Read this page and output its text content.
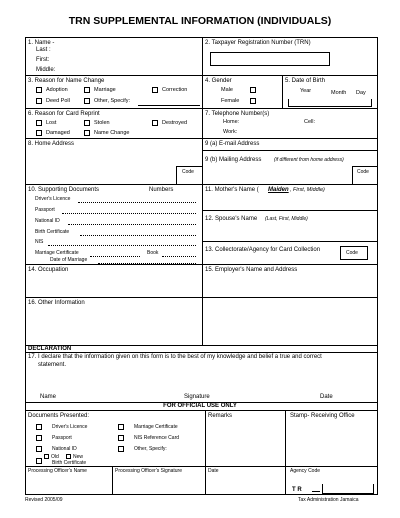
TRN SUPPLEMENTAL INFORMATION (INDIVIDUALS)
1. Name -
Last :
First:
Middle:
2. Taxpayer Registration Number (TRN)
3. Reason for Name Change
Adoption	Marriage	Correction
Deed Poll	Other, Specify:
4. Gender
Male
Female
5. Date of Birth
Year	Month Day
6. Reason for Card Reprint
Lost	Stolen	Destroyed
Damaged	Name Change
7. Telephone Number(s)
Home:	Cell:
Work:
8. Home Address
Code
9 (a) E-mail Address
9 (b) Mailing Address	(if different from home address)
Code
10. Supporting Documents	Numbers
Driver's Licence
Passport
National ID
Birth Certificate
NIS
Marriage Certificate	Book
Date of Marriage
11. Mother's Name ( Maiden , First, Middle)
12. Spouse's Name (Last, First, Middle)
13. Collectorate/Agency for Card Collection	Code
14. Occupation	15. Employer's Name and Address
16. Other Information
DECLARATION
17. I declare that the information given on this form is to the best of my knowledge and belief a true and correct
statement.
Name	Signature	Date
FOR OFFICIAL USE ONLY
Documents Presented:	Remarks	Stamp- Receiving Office
Driver's Licence	Marriage Certificate
Passport	NIS Reference Card
National ID	Other, Specify:
Old	New
Birth Certificate
Processing Officer's Name	Processing Officer's Signature	Date	Agency Code
T R
Revised 2005/09	Tax Administration Jamaica
